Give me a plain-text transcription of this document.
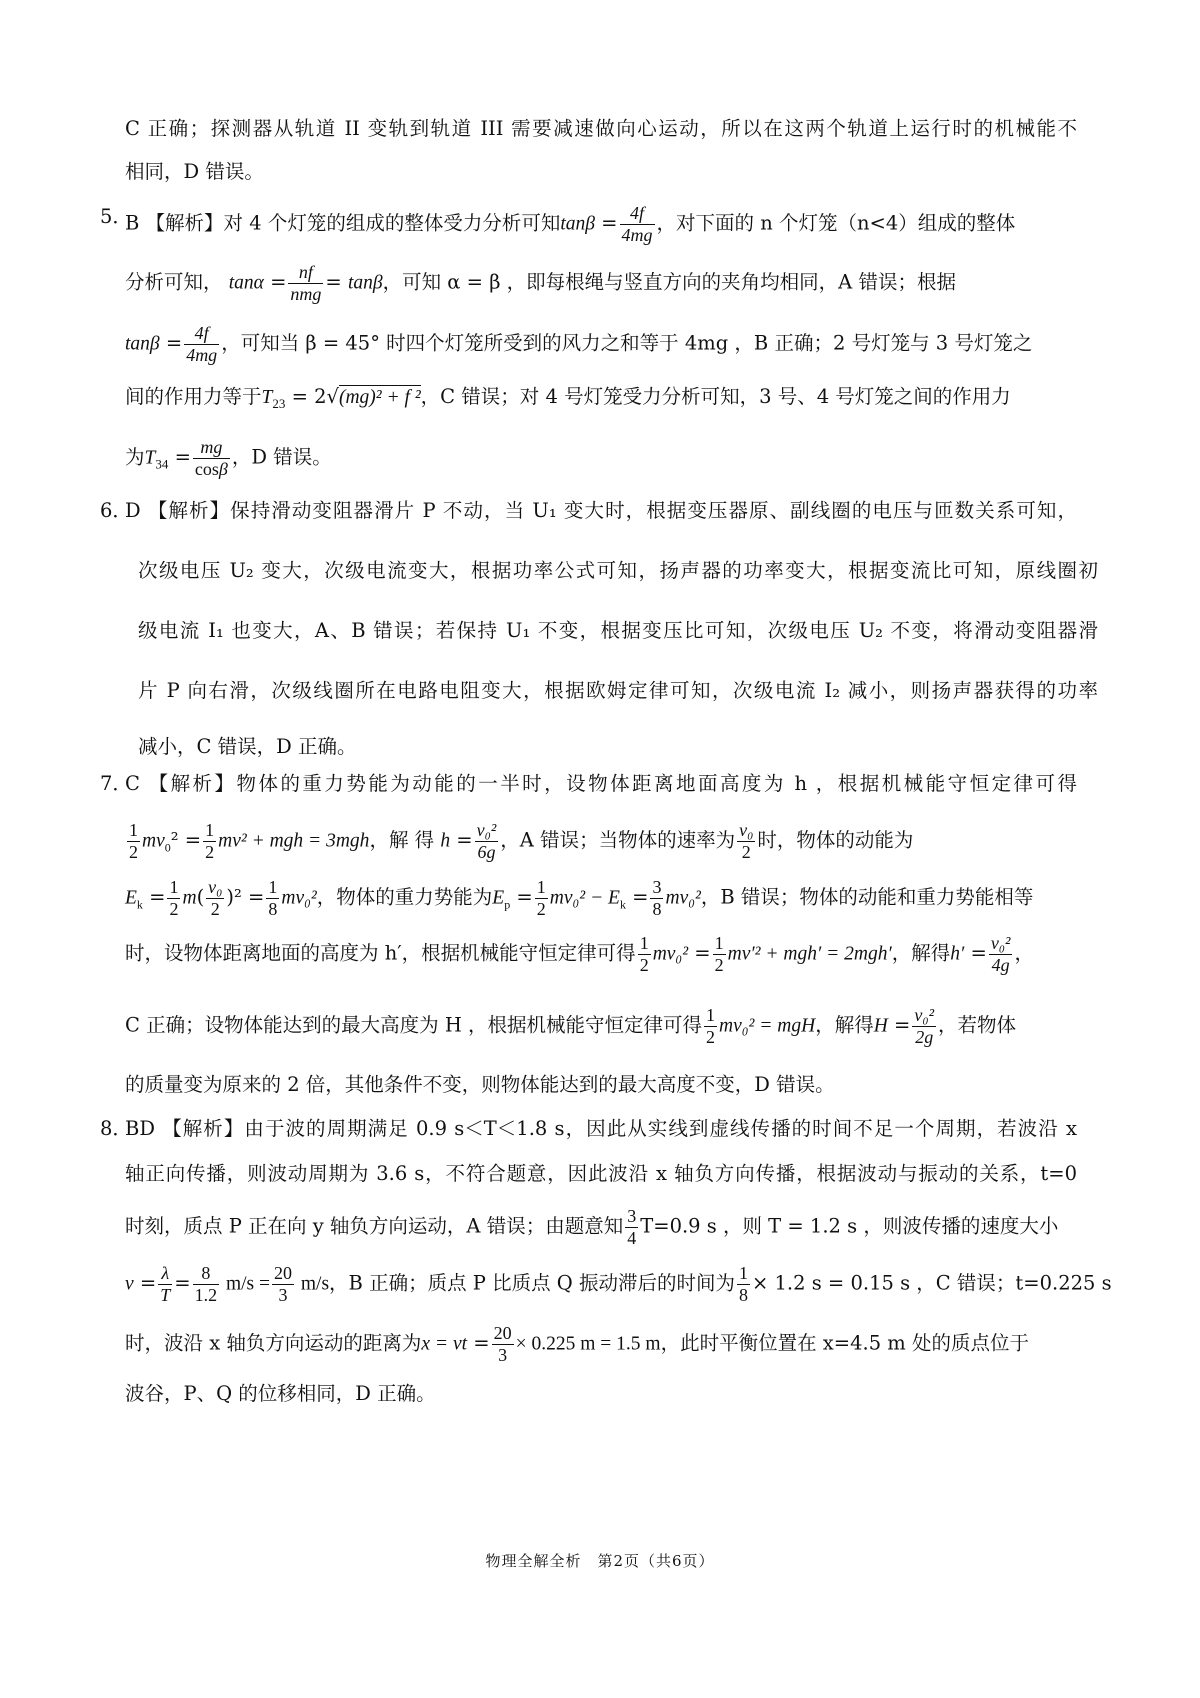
C 正确；探测器从轨道 II 变轨到轨道 III 需要减速做向心运动，所以在这两个轨道上运行时的机械能不
相同，D 错误。
5．
B 【解析】对 4 个灯笼的组成的整体受力分析可知$\tan\beta = \frac{4f}{4mg}$ ，对下面的 n 个灯笼（n<4）组成的整体
分析可知， $\tan\alpha = \frac{nf}{\text{nmg}} = \tan\beta$，可知 α = β ，即每根绳与竖直方向的夹角均相同，A 错误；根据
$\tan\beta = \frac{4f}{4mg}$ ，可知当 β = 45° 时四个灯笼所受到的风力之和等于 4mg ，B 正确；2 号灯笼与 3 号灯笼之
间的作用力等于$T_{23} = 2√(mg)^2 + f$ ²，C 错误；对 4 号灯笼受力分析可知，3 号、4 号灯笼之间的作用力
为$T_{34} = \frac{mg}{\cos\beta}$ ，D 错误。
6．
D 【解析】保持滑动变阻器滑片 P 不动，当 U₁ 变大时，根据变压器原、副线圈的电压与匝数关系可知，
次级电压 U₂ 变大，次级电流变大，根据功率公式可知，扬声器的功率变大，根据变流比可知，原线圈初
级电流 I₁ 也变大，A、B 错误；若保持 U₁ 不变，根据变压比可知，次级电压 U₂ 不变，将滑动变阻器滑
片 P 向右滑，次级线圈所在电路电阻变大，根据欧姆定律可知，次级电流 I₂ 减小，则扬声器获得的功率
减小，C 错误，D 正确。
7．
C 【解析】物体的重力势能为动能的一半时，设物体距离地面高度为 h ，根据机械能守恒定律可得
$\frac{1}{2} mv_0^2 = \frac{1}{2} mv^2$ + mgh = 3mgh，解 得 $h = \frac{\text{v₀²}}{6g}$ ，A 错误；当物体的速率为 $\frac{\text{v₀}}{2}$ 时，物体的动能为
$E_k = \frac{1}{2} m( \frac{\text{v₀}}{2} )^2 = \frac{1}{8} mv_0^2$，物体的重力势能为$E_p = \frac{1}{2} mv_0^2 - E_k = \frac{3}{8} mv_0^2$，B 错误；物体的动能和重力势能相等
时，设物体距离地面的高度为 h′，根据机械能守恒定律可得 $\frac{1}{2} mv_0^2 = \frac{1}{2} mv'^2 + mgh' = 2mgh'$，解得$h' = \frac{\text{v₀²}}{4g}$ ，
C 正确；设物体能达到的最大高度为 H ，根据机械能守恒定律可得 $\frac{1}{2} mv_0^2$ = mgH，解得$H = \frac{\text{v₀²}}{2g}$ ，若物体
的质量变为原来的 2 倍，其他条件不变，则物体能达到的最大高度不变，D 错误。
8．
BD 【解析】由于波的周期满足 0.9 s＜T＜1.8 s，因此从实线到虚线传播的时间不足一个周期，若波沿 x
轴正向传播，则波动周期为 3.6 s，不符合题意，因此波沿 x 轴负方向传播，根据波动与振动的关系，t=0
时刻，质点 P 正在向 y 轴负方向运动，A 错误；由题意知 $\frac{3}{4} T=0.9$ s ，则 T = 1.2 s ，则波传播的速度大小
$v = \frac{\lambda}{T} = \frac{8}{1.2} m/s = \frac{20}{3} m/s$，B 正确；质点 P 比质点 Q 振动滞后的时间为 $\frac{1}{8} \times 1.2$ s = 0.15 s ，C 错误；t=0.225 s
时，波沿 x 轴负方向运动的距离为x = vt = $\frac{20}{3} \times 0.225$ m = 1.5 m，此时平衡位置在 x=4.5 m 处的质点位于
波谷，P、Q 的位移相同，D 正确。
物理全解全析　第2页（共6页）
